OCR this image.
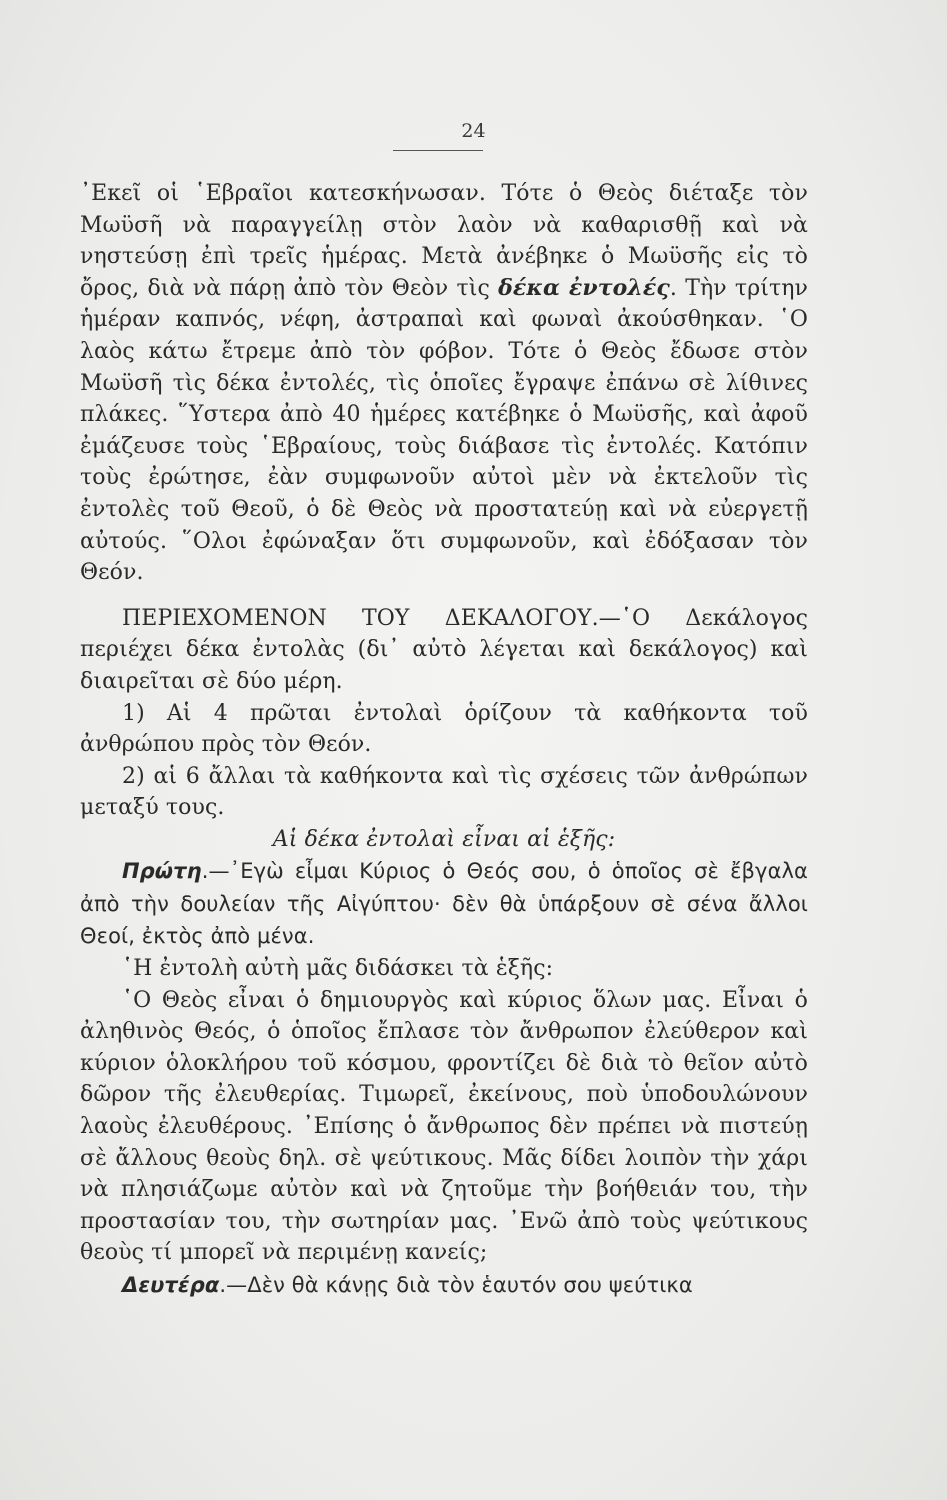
24

᾿Εκεῖ οἱ ῾Εβραῖοι κατεσκήνωσαν. Τότε ὁ Θεὸς διέταξε τὸν Μωϋσῆ νὰ παραγγείλῃ στὸν λαὸν νὰ καθαρισθῇ καὶ νὰ νηστεύσῃ ἐπὶ τρεῖς ἡμέρας. Μετὰ ἀνέβηκε ὁ Μωϋσῆς εἰς τὸ ὄρος, διὰ νὰ πάρῃ ἀπὸ τὸν Θεὸν τὶς δέκα ἐντολές. Τὴν τρίτην ἡμέραν καπνός, νέφη, ἀστραπαὶ καὶ φωναὶ ἀκούσθηκαν. ῾Ο λαὸς κάτω ἔτρεμε ἀπὸ τὸν φόβον. Τότε ὁ Θεὸς ἔδωσε στὸν Μωϋσῆ τὶς δέκα ἐντολές, τὶς ὁποῖες ἔγραψε ἐπάνω σὲ λίθινες πλάκες. ῞Υστερα ἀπὸ 40 ἡμέρες κατέβηκε ὁ Μωϋσῆς, καὶ ἀφοῦ ἐμάζευσε τοὺς ῾Εβραίους, τοὺς διάβασε τὶς ἐντολές. Κατόπιν τοὺς ἐρώτησε, ἐὰν συμφωνοῦν αὐτοὶ μὲν νὰ ἐκτελοῦν τὶς ἐντολὲς τοῦ Θεοῦ, ὁ δὲ Θεὸς νὰ προστατεύῃ καὶ νὰ εὐεργετῇ αὐτούς. ῞Ολοι ἐφώναξαν ὅτι συμφωνοῦν, καὶ ἐδόξασαν τὸν Θεόν.

ΠΕΡΙΕΧΟΜΕΝΟΝ ΤΟΥ ΔΕΚΑΛΟΓΟΥ.—῾Ο Δεκάλογος περιέχει δέκα ἐντολὰς (δι᾿ αὐτὸ λέγεται καὶ δεκάλογος) καὶ διαιρεῖται σὲ δύο μέρη.

1) Αἱ 4 πρῶται ἐντολαὶ ὁρίζουν τὰ καθήκοντα τοῦ ἀνθρώπου πρὸς τὸν Θεόν.

2) αἱ 6 ἄλλαι τὰ καθήκοντα καὶ τὶς σχέσεις τῶν ἀνθρώπων μεταξύ τους.

Αἱ δέκα ἐντολαὶ εἶναι αἱ ἑξῆς:

Πρώτη.—᾿Εγὼ εἶμαι Κύριος ὁ Θεός σου, ὁ ὁποῖος σὲ ἔβγαλα ἀπὸ τὴν δουλείαν τῆς Αἰγύπτου· δὲν θὰ ὑπάρξουν σὲ σένα ἄλλοι Θεοί, ἐκτὸς ἀπὸ μένα.

῾Η ἐντολὴ αὐτὴ μᾶς διδάσκει τὰ ἑξῆς:

῾Ο Θεὸς εἶναι ὁ δημιουργὸς καὶ κύριος ὅλων μας. Εἶναι ὁ ἀληθινὸς Θεός, ὁ ὁποῖος ἔπλασε τὸν ἄνθρωπον ἐλεύθερον καὶ κύριον ὁλοκλήρου τοῦ κόσμου, φροντίζει δὲ διὰ τὸ θεῖον αὐτὸ δῶρον τῆς ἐλευθερίας. Τιμωρεῖ, ἐκείνους, ποὺ ὑποδουλώνουν λαοὺς ἐλευθέρους. ᾿Επίσης ὁ ἄνθρωπος δὲν πρέπει νὰ πιστεύῃ σὲ ἄλλους θεοὺς δηλ. σὲ ψεύτικους. Μᾶς δίδει λοιπὸν τὴν χάρι νὰ πλησιάζωμε αὐτὸν καὶ νὰ ζητοῦμε τὴν βοήθειάν του, τὴν προστασίαν του, τὴν σωτηρίαν μας. ᾿Ενῶ ἀπὸ τοὺς ψεύτικους θεοὺς τί μπορεῖ νὰ περιμένῃ κανείς;

Δευτέρα.—Δὲν θὰ κάνῃς διὰ τὸν ἑαυτόν σου ψεύτικα
